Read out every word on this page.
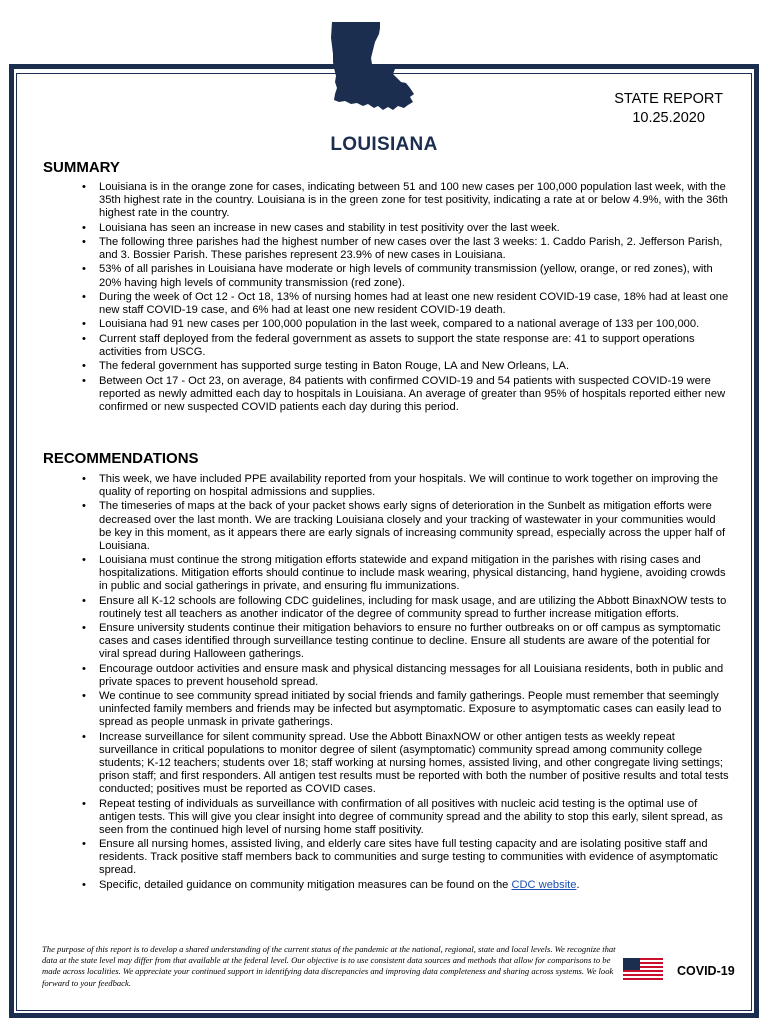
STATE REPORT
10.25.2020
LOUISIANA
SUMMARY
• Louisiana is in the orange zone for cases, indicating between 51 and 100 new cases per 100,000 population last week, with the 35th highest rate in the country. Louisiana is in the green zone for test positivity, indicating a rate at or below 4.9%, with the 36th highest rate in the country.
• Louisiana has seen an increase in new cases and stability in test positivity over the last week.
• The following three parishes had the highest number of new cases over the last 3 weeks: 1. Caddo Parish, 2. Jefferson Parish, and 3. Bossier Parish. These parishes represent 23.9% of new cases in Louisiana.
• 53% of all parishes in Louisiana have moderate or high levels of community transmission (yellow, orange, or red zones), with 20% having high levels of community transmission (red zone).
• During the week of Oct 12 - Oct 18, 13% of nursing homes had at least one new resident COVID-19 case, 18% had at least one new staff COVID-19 case, and 6% had at least one new resident COVID-19 death.
• Louisiana had 91 new cases per 100,000 population in the last week, compared to a national average of 133 per 100,000.
• Current staff deployed from the federal government as assets to support the state response are: 41 to support operations activities from USCG.
• The federal government has supported surge testing in Baton Rouge, LA and New Orleans, LA.
• Between Oct 17 - Oct 23, on average, 84 patients with confirmed COVID-19 and 54 patients with suspected COVID-19 were reported as newly admitted each day to hospitals in Louisiana. An average of greater than 95% of hospitals reported either new confirmed or new suspected COVID patients each day during this period.
RECOMMENDATIONS
• This week, we have included PPE availability reported from your hospitals. We will continue to work together on improving the quality of reporting on hospital admissions and supplies.
• The timeseries of maps at the back of your packet shows early signs of deterioration in the Sunbelt as mitigation efforts were decreased over the last month. We are tracking Louisiana closely and your tracking of wastewater in your communities would be key in this moment, as it appears there are early signals of increasing community spread, especially across the upper half of Louisiana.
• Louisiana must continue the strong mitigation efforts statewide and expand mitigation in the parishes with rising cases and hospitalizations. Mitigation efforts should continue to include mask wearing, physical distancing, hand hygiene, avoiding crowds in public and social gatherings in private, and ensuring flu immunizations.
• Ensure all K-12 schools are following CDC guidelines, including for mask usage, and are utilizing the Abbott BinaxNOW tests to routinely test all teachers as another indicator of the degree of community spread to further increase mitigation efforts.
• Ensure university students continue their mitigation behaviors to ensure no further outbreaks on or off campus as symptomatic cases and cases identified through surveillance testing continue to decline. Ensure all students are aware of the potential for viral spread during Halloween gatherings.
• Encourage outdoor activities and ensure mask and physical distancing messages for all Louisiana residents, both in public and private spaces to prevent household spread.
• We continue to see community spread initiated by social friends and family gatherings. People must remember that seemingly uninfected family members and friends may be infected but asymptomatic. Exposure to asymptomatic cases can easily lead to spread as people unmask in private gatherings.
• Increase surveillance for silent community spread. Use the Abbott BinaxNOW or other antigen tests as weekly repeat surveillance in critical populations to monitor degree of silent (asymptomatic) community spread among community college students; K-12 teachers; students over 18; staff working at nursing homes, assisted living, and other congregate living settings; prison staff; and first responders. All antigen test results must be reported with both the number of positive results and total tests conducted; positives must be reported as COVID cases.
• Repeat testing of individuals as surveillance with confirmation of all positives with nucleic acid testing is the optimal use of antigen tests. This will give you clear insight into degree of community spread and the ability to stop this early, silent spread, as seen from the continued high level of nursing home staff positivity.
• Ensure all nursing homes, assisted living, and elderly care sites have full testing capacity and are isolating positive staff and residents. Track positive staff members back to communities and surge testing to communities with evidence of asymptomatic spread.
• Specific, detailed guidance on community mitigation measures can be found on the CDC website.
The purpose of this report is to develop a shared understanding of the current status of the pandemic at the national, regional, state and local levels. We recognize that data at the state level may differ from that available at the federal level. Our objective is to use consistent data sources and methods that allow for comparisons to be made across localities. We appreciate your continued support in identifying data discrepancies and improving data completeness and sharing across systems. We look forward to your feedback.
COVID-19
